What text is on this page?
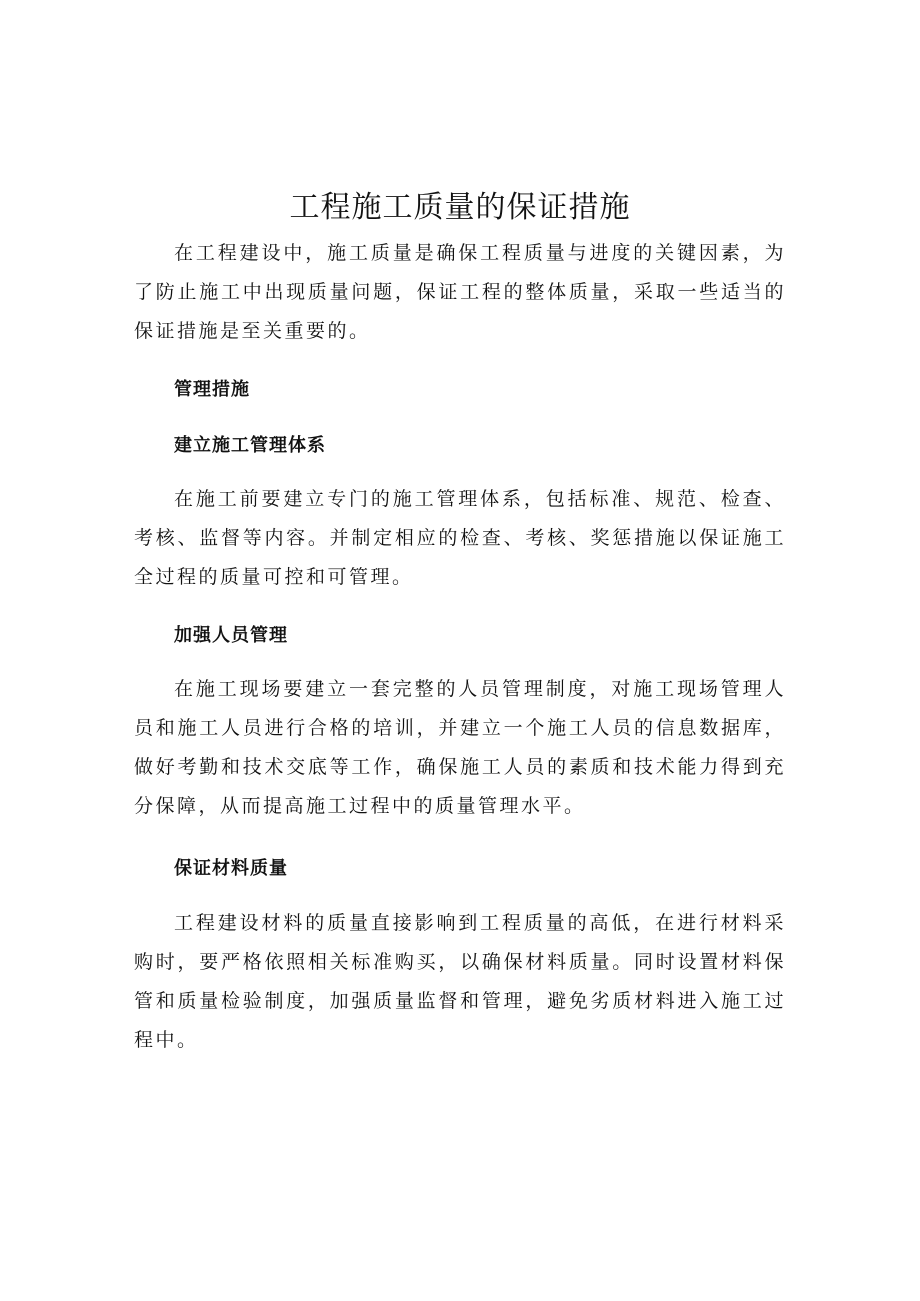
工程施工质量的保证措施

在工程建设中，施工质量是确保工程质量与进度的关键因素，为了防止施工中出现质量问题，保证工程的整体质量，采取一些适当的保证措施是至关重要的。

管理措施
建立施工管理体系

在施工前要建立专门的施工管理体系，包括标准、规范、检查、考核、监督等内容。并制定相应的检查、考核、奖惩措施以保证施工全过程的质量可控和可管理。

加强人员管理

在施工现场要建立一套完整的人员管理制度，对施工现场管理人员和施工人员进行合格的培训，并建立一个施工人员的信息数据库，做好考勤和技术交底等工作，确保施工人员的素质和技术能力得到充分保障，从而提高施工过程中的质量管理水平。

保证材料质量

工程建设材料的质量直接影响到工程质量的高低，在进行材料采购时，要严格依照相关标准购买，以确保材料质量。同时设置材料保管和质量检验制度，加强质量监督和管理，避免劣质材料进入施工过程中。
